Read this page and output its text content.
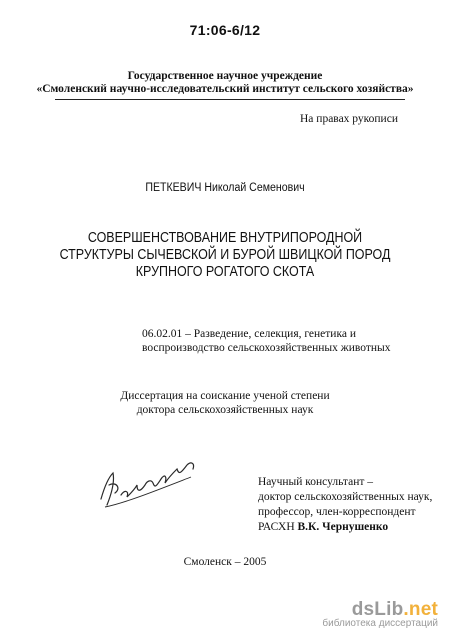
71:06-6/12
Государственное научное учреждение
«Смоленский научно-исследовательский институт сельского хозяйства»
На правах рукописи
ПЕТКЕВИЧ Николай Семенович
СОВЕРШЕНСТВОВАНИЕ ВНУТРИПОРОДНОЙ
СТРУКТУРЫ СЫЧЕВСКОЙ И БУРОЙ ШВИЦКОЙ ПОРОД
КРУПНОГО РОГАТОГО СКОТА
06.02.01 – Разведение, селекция, генетика и
воспроизводство сельскохозяйственных животных
Диссертация на соискание ученой степени
доктора сельскохозяйственных наук
Научный консультант –
доктор сельскохозяйственных наук,
профессор, член-корреспондент
РАСХН В.К. Чернушенко
Смоленск – 2005
dsLib.net
библиотека диссертаций
